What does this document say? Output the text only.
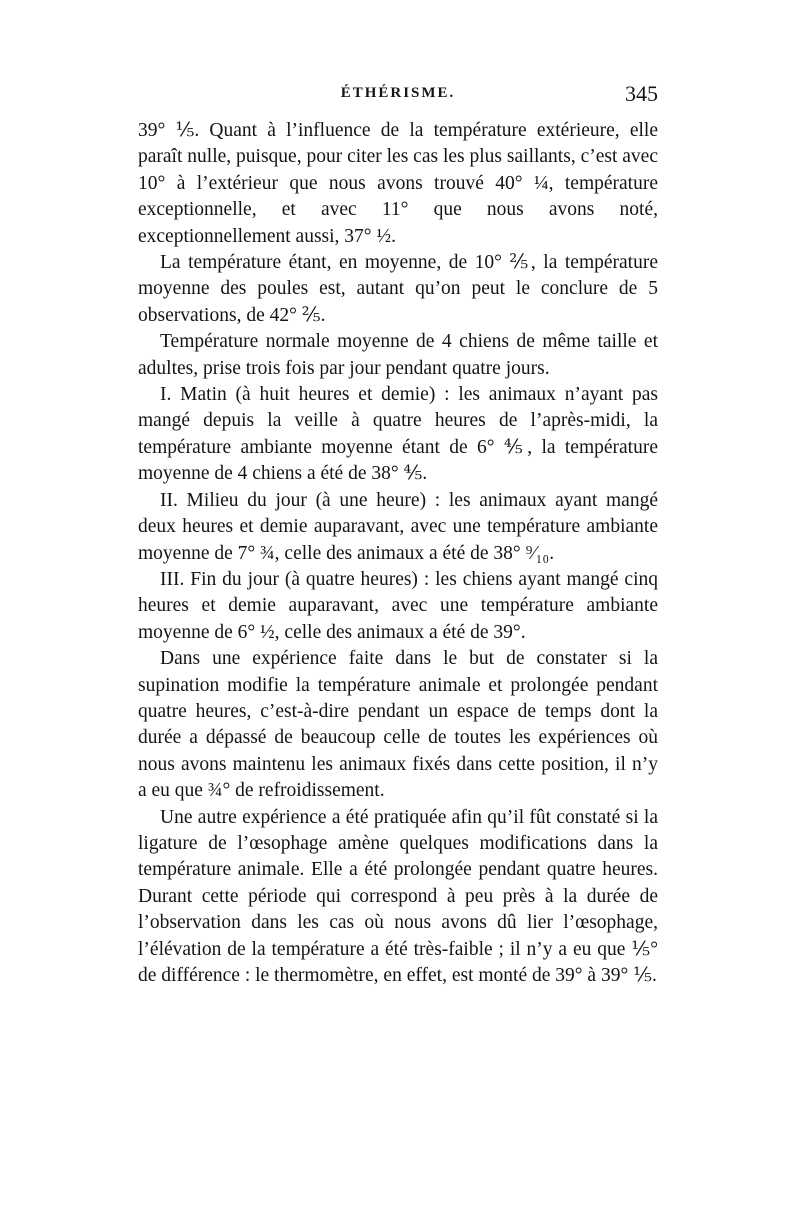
ÉTHÉRISME.	345

39° ⅕. Quant à l’influence de la température extérieure, elle paraît nulle, puisque, pour citer les cas les plus saillants, c’est avec 10° à l’extérieur que nous avons trouvé 40° ¼, température exceptionnelle, et avec 11° que nous avons noté, exceptionnellement aussi, 37° ½.

La température étant, en moyenne, de 10° ⅖, la température moyenne des poules est, autant qu’on peut le conclure de 5 observations, de 42° ⅖.

Température normale moyenne de 4 chiens de même taille et adultes, prise trois fois par jour pendant quatre jours.

I. Matin (à huit heures et demie) : les animaux n’ayant pas mangé depuis la veille à quatre heures de l’après-midi, la température ambiante moyenne étant de 6° ⅘, la température moyenne de 4 chiens a été de 38° ⅘.

II. Milieu du jour (à une heure) : les animaux ayant mangé deux heures et demie auparavant, avec une température ambiante moyenne de 7° ¾, celle des animaux a été de 38° ⁹⁄₁₀.

III. Fin du jour (à quatre heures) : les chiens ayant mangé cinq heures et demie auparavant, avec une température ambiante moyenne de 6° ½, celle des animaux a été de 39°.

Dans une expérience faite dans le but de constater si la supination modifie la température animale et prolongée pendant quatre heures, c’est-à-dire pendant un espace de temps dont la durée a dépassé de beaucoup celle de toutes les expériences où nous avons maintenu les animaux fixés dans cette position, il n’y a eu que ¾° de refroidissement.

Une autre expérience a été pratiquée afin qu’il fût constaté si la ligature de l’œsophage amène quelques modifications dans la température animale. Elle a été prolongée pendant quatre heures. Durant cette période qui correspond à peu près à la durée de l’observation dans les cas où nous avons dû lier l’œsophage, l’élévation de la température a été très-faible ; il n’y a eu que ⅕° de différence : le thermomètre, en effet, est monté de 39° à 39° ⅕.
